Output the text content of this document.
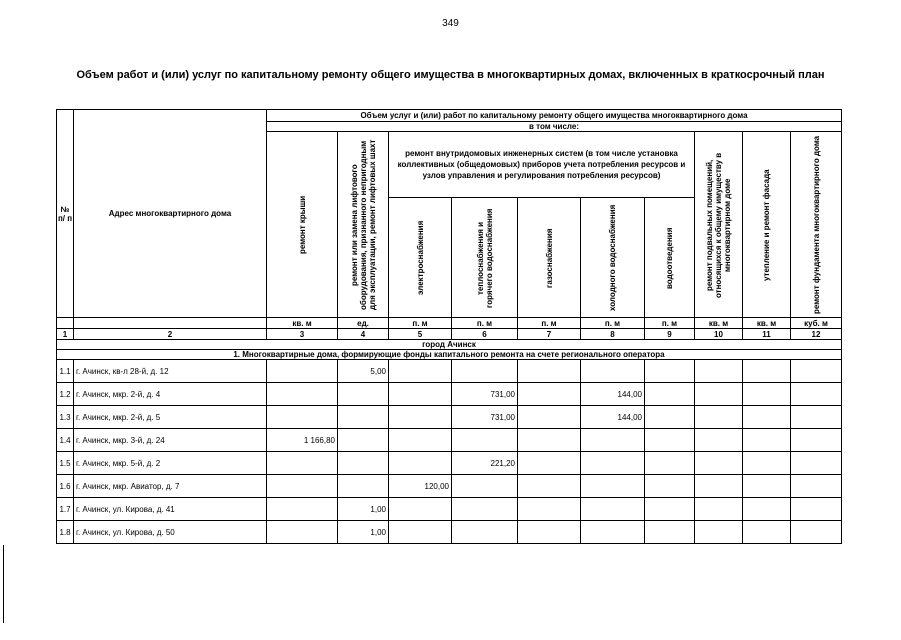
349
Объем работ и (или) услуг по капитальному ремонту общего имущества в многоквартирных домах, включенных в краткосрочный план
№ п/ п	Адрес многоквартирного дома	Объем услуг и (или) работ по капитальному ремонту общего имущества многоквартирного дома									
		в том числе:									

		ремонт крыши	ремонт или замена лифтового оборудования, признанного непригодным для эксплуатации, ремонт лифтовых шахт	ремонт внутридомовых инженерных систем (в том числе установка коллективных (общедомовых) приборов учета потребления ресурсов и узлов управления и регулирования потребления ресурсов)					ремонт подвальных помещений, относящихся к общему имуществу в многоквартирном доме	утепление и ремонт фасада	ремонт фундамента многоквартирного дома

				электроснабжения	теплоснабжения и горячего водоснабжения	газоснабжения	холодного водоснабжения	водоотведения			

		кв. м	ед.	п. м	п. м	п. м	п. м	п. м	кв. м	кв. м	куб. м
1	2	3	4	5	6	7	8	9	10	11	12
город Ачинск											
1. Многоквартирные дома, формирующие фонды капитального ремонта на счете регионального оператора											
1.1	г. Ачинск, кв-л 28-й, д. 12		5,00								
1.2	г. Ачинск, мкр. 2-й, д. 4				731,00		144,00				
1.3	г. Ачинск, мкр. 2-й, д. 5				731,00		144,00				
1.4	г. Ачинск, мкр. 3-й, д. 24	1 166,80									
1.5	г. Ачинск, мкр. 5-й, д. 2				221,20						
1.6	г. Ачинск, мкр. Авиатор, д. 7			120,00							
1.7	г. Ачинск, ул. Кирова, д. 41		1,00								
1.8	г. Ачинск, ул. Кирова, д. 50		1,00								
